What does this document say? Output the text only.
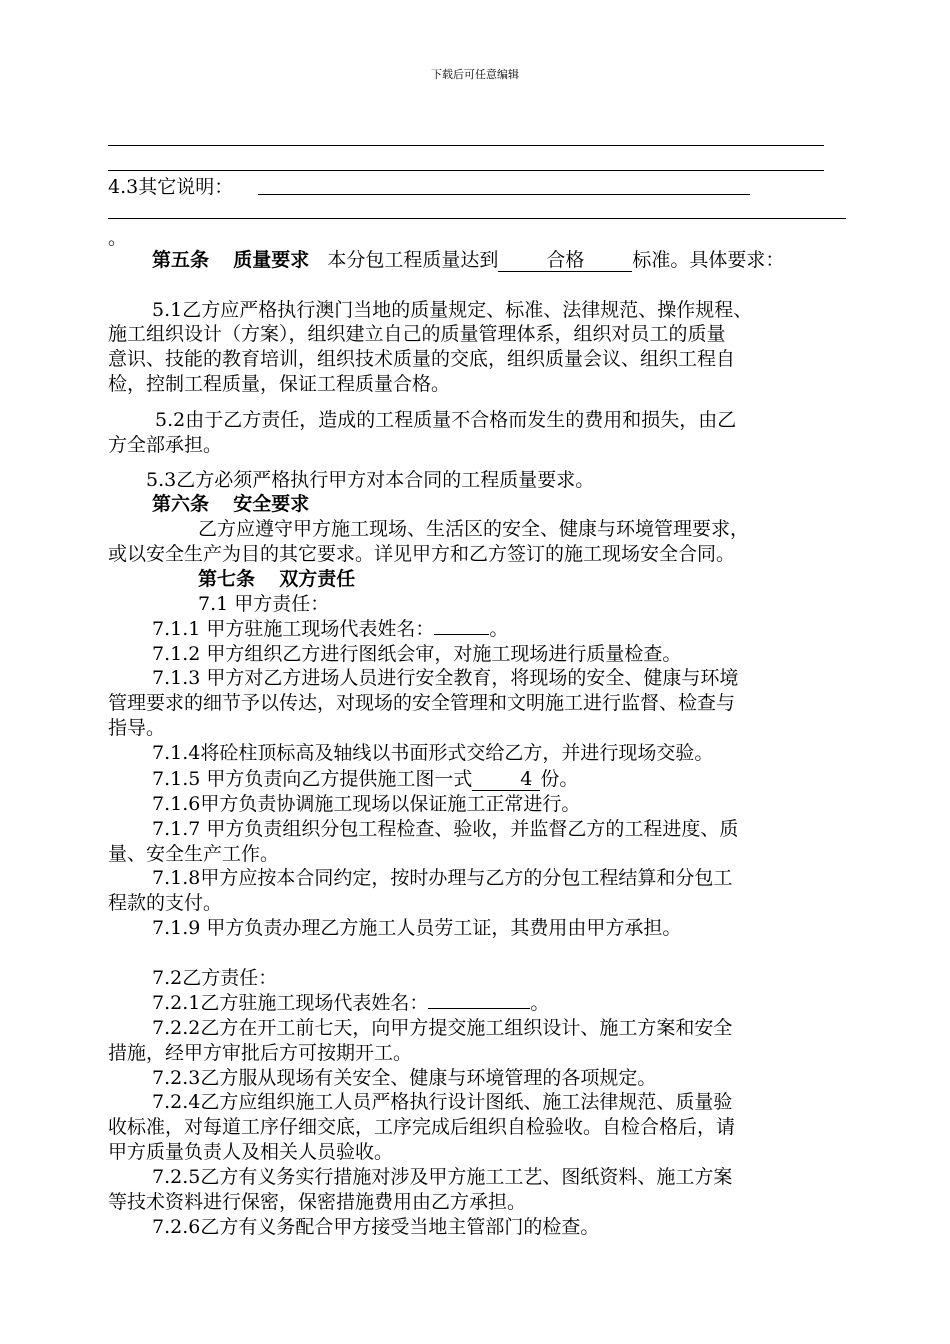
下载后可任意编辑
4.3其它说明：
。
第五条 质量要求 本分包工程质量达到	合格	标准。具体要求：
5.1乙方应严格执行澳门当地的质量规定、标准、法律规范、操作规程、
施工组织设计（方案），组织建立自己的质量管理体系，组织对员工的质量
意识、技能的教育培训，组织技术质量的交底，组织质量会议、组织工程自
检，控制工程质量，保证工程质量合格。
5.2由于乙方责任，造成的工程质量不合格而发生的费用和损失，由乙
方全部承担。
5.3乙方必须严格执行甲方对本合同的工程质量要求。
第六条 安全要求
乙方应遵守甲方施工现场、生活区的安全、健康与环境管理要求，
或以安全生产为目的其它要求。详见甲方和乙方签订的施工现场安全合同。
第七条 双方责任
7.1 甲方责任：
7.1.1 甲方驻施工现场代表姓名：	。
7.1.2 甲方组织乙方进行图纸会审，对施工现场进行质量检查。
7.1.3 甲方对乙方进场人员进行安全教育，将现场的安全、健康与环境
管理要求的细节予以传达，对现场的安全管理和文明施工进行监督、检查与
指导。
7.1.4将砼柱顶标高及轴线以书面形式交给乙方，并进行现场交验。
7.1.5 甲方负责向乙方提供施工图一式	4 份。
7.1.6甲方负责协调施工现场以保证施工正常进行。
7.1.7 甲方负责组织分包工程检查、验收，并监督乙方的工程进度、质
量、安全生产工作。
7.1.8甲方应按本合同约定，按时办理与乙方的分包工程结算和分包工
程款的支付。
7.1.9 甲方负责办理乙方施工人员劳工证，其费用由甲方承担。
7.2乙方责任：
7.2.1乙方驻施工现场代表姓名：	。
7.2.2乙方在开工前七天，向甲方提交施工组织设计、施工方案和安全
措施，经甲方审批后方可按期开工。
7.2.3乙方服从现场有关安全、健康与环境管理的各项规定。
7.2.4乙方应组织施工人员严格执行设计图纸、施工法律规范、质量验
收标准，对每道工序仔细交底，工序完成后组织自检验收。自检合格后，请
甲方质量负责人及相关人员验收。
7.2.5乙方有义务实行措施对涉及甲方施工工艺、图纸资料、施工方案
等技术资料进行保密，保密措施费用由乙方承担。
7.2.6乙方有义务配合甲方接受当地主管部门的检查。
